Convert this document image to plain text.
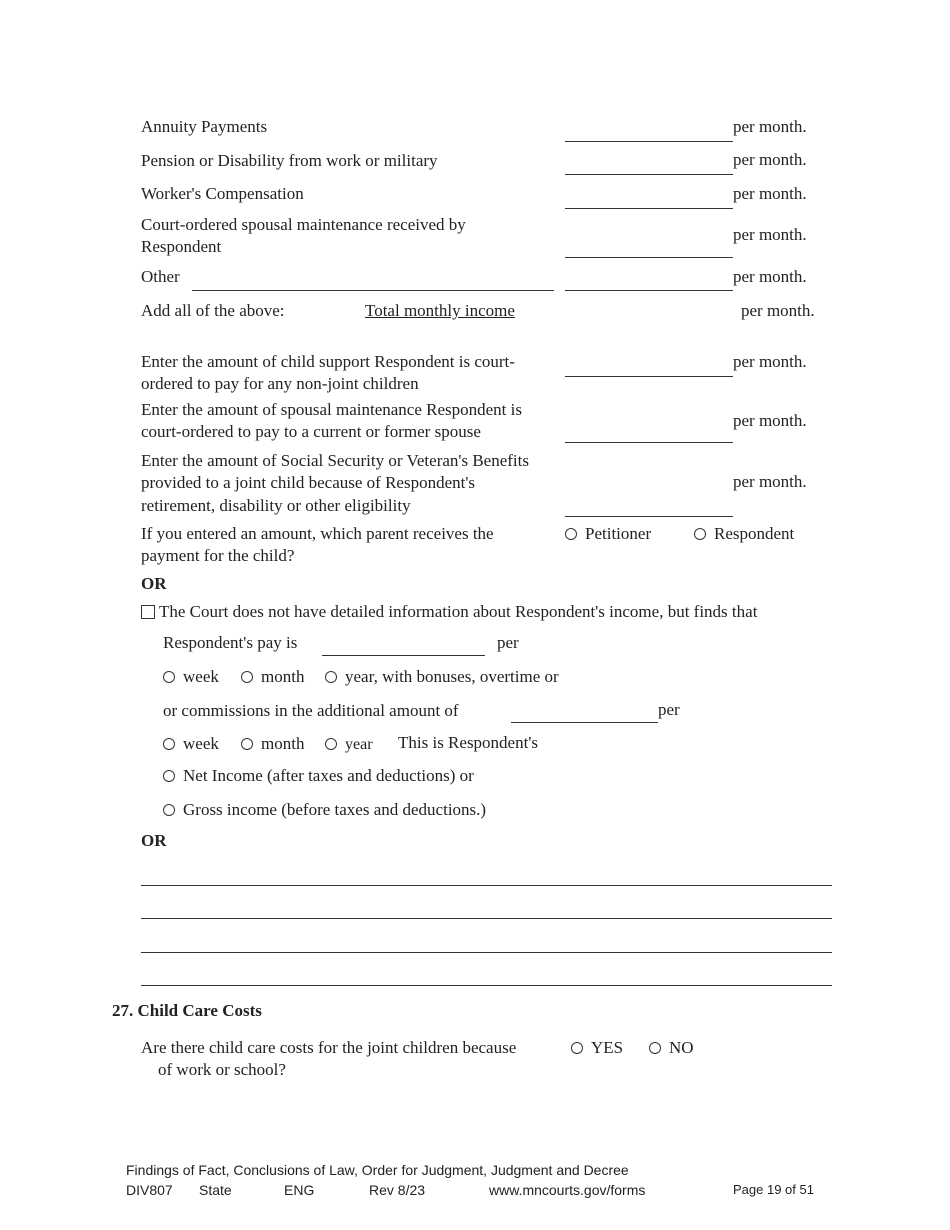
Annuity Payments	per month.
Pension or Disability from work or military	per month.
Worker's Compensation	per month.
Court-ordered spousal maintenance received by
Respondent
per month.
Other	per month.
Add all of the above:	Total monthly income	per month.
Enter the amount of child support Respondent is court-
ordered to pay for any non-joint children
per month.
Enter the amount of spousal maintenance Respondent is
court-ordered to pay to a current or former spouse
per month.
Enter the amount of Social Security or Veteran's Benefits
provided to a joint child because of Respondent's
retirement, disability or other eligibility
per month.
If you entered an amount, which parent receives the
payment for the child?
Petitioner	Respondent
OR
The Court does not have detailed information about Respondent's income, but finds that
Respondent's pay is	per
week	month	year, with bonuses, overtime or
or commissions in the additional amount of	per
week	month	year This is Respondent's
Net Income (after taxes and deductions) or
Gross income (before taxes and deductions.)
OR
27. Child Care Costs
Are there child care costs for the joint children because
of work or school?
YES	NO
Findings of Fact, Conclusions of Law, Order for Judgment, Judgment and Decree
DIV807 State	ENG	Rev 8/23	www.mncourts.gov/forms	Page 19 of 51
